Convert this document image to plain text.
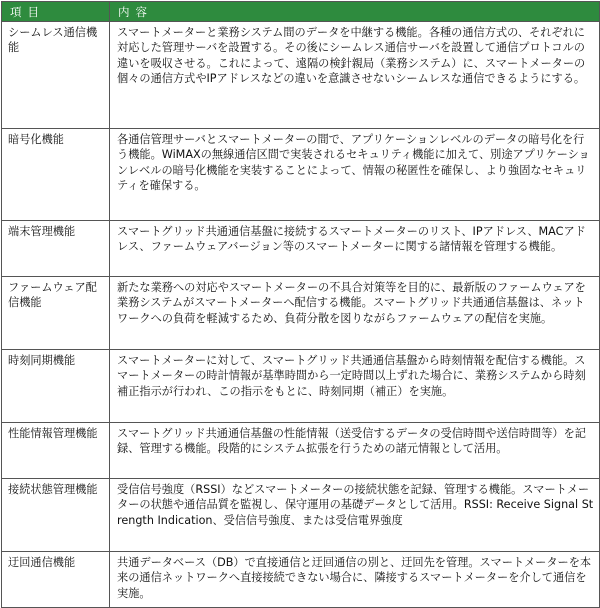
項目	内容
シームレス通信機能	スマートメーターと業務システム間のデータを中継する機能。各種の通信方式の、それぞれに対応した管理サーバを設置する。その後にシームレス通信サーバを設置して通信プロトコルの違いを吸収させる。これによって、遠隔の検針親局（業務システム）に、スマートメーターの個々の通信方式やIPアドレスなどの違いを意識させないシームレスな通信できるようにする。
暗号化機能	各通信管理サーバとスマートメーターの間で、アプリケーションレベルのデータの暗号化を行う機能。WiMAXの無線通信区間で実装されるセキュリティ機能に加えて、別途アプリケーションレベルの暗号化機能を実装することによって、情報の秘匿性を確保し、より強固なセキュリティを確保する。
端末管理機能	スマートグリッド共通通信基盤に接続するスマートメーターのリスト、IPアドレス、MACアドレス、ファームウェアバージョン等のスマートメーターに関する諸情報を管理する機能。
ファームウェア配信機能	新たな業務への対応やスマートメーターの不具合対策等を目的に、最新版のファームウェアを業務システムがスマートメーターへ配信する機能。スマートグリッド共通通信基盤は、ネットワークへの負荷を軽減するため、負荷分散を図りながらファームウェアの配信を実施。
時刻同期機能	スマートメーターに対して、スマートグリッド共通通信基盤から時刻情報を配信する機能。スマートメーターの時計情報が基準時間から一定時間以上ずれた場合に、業務システムから時刻補正指示が行われ、この指示をもとに、時刻同期（補正）を実施。
性能情報管理機能	スマートグリッド共通通信基盤の性能情報（送受信するデータの受信時間や送信時間等）を記録、管理する機能。段階的にシステム拡張を行うための諸元情報として活用。
接続状態管理機能	受信信号強度（RSSI）などスマートメーターの接続状態を記録、管理する機能。スマートメーターの状態や通信品質を監視し、保守運用の基礎データとして活用。RSSI: Receive Signal Strength Indication、受信信号強度、または受信電界強度
迂回通信機能	共通データベース（DB）で直接通信と迂回通信の別と、迂回先を管理。スマートメーターを本来の通信ネットワークへ直接接続できない場合に、隣接するスマートメーターを介して通信を実施。
